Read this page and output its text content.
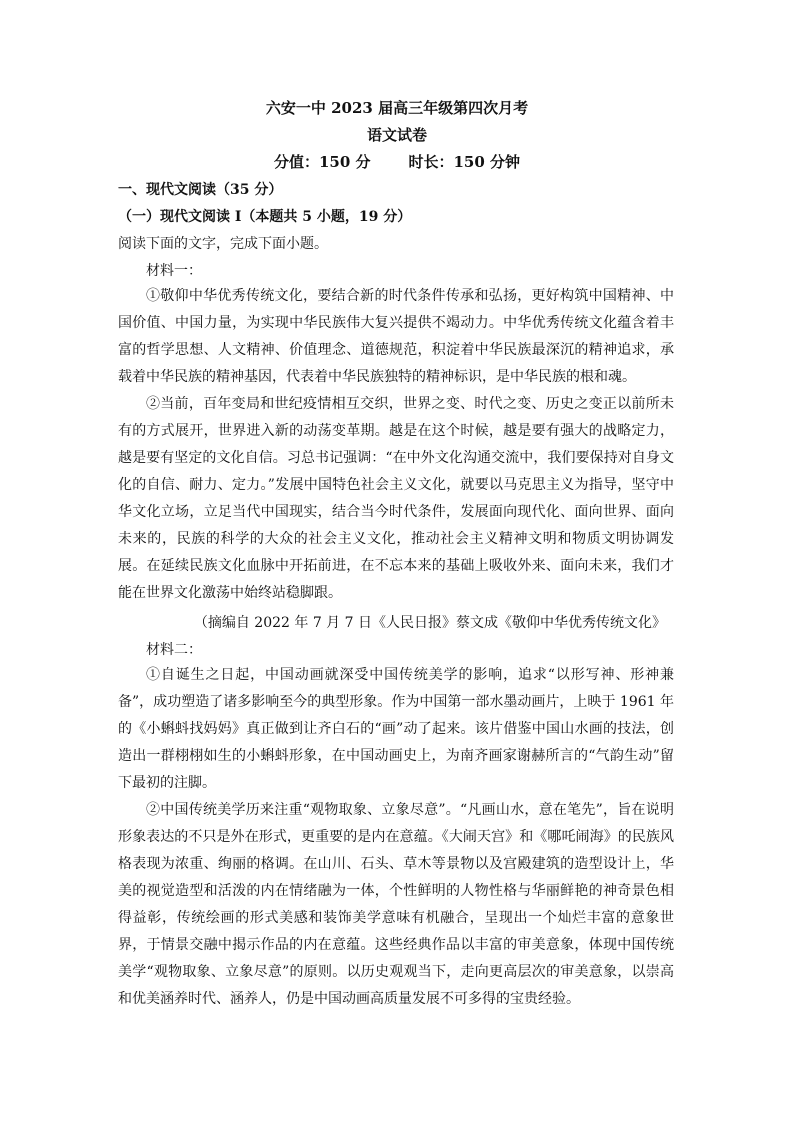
六安一中 2023 届高三年级第四次月考
语文试卷
分值：150 分	时长：150 分钟
一、现代文阅读（35 分）
（一）现代文阅读 Ⅰ（本题共 5 小题，19 分）
阅读下面的文字，完成下面小题。
材料一：

①敬仰中华优秀传统文化，要结合新的时代条件传承和弘扬，更好构筑中国精神、中国价值、中国力量，为实现中华民族伟大复兴提供不竭动力。中华优秀传统文化蕴含着丰富的哲学思想、人文精神、价值理念、道德规范，积淀着中华民族最深沉的精神追求，承载着中华民族的精神基因，代表着中华民族独特的精神标识，是中华民族的根和魂。

②当前，百年变局和世纪疫情相互交织，世界之变、时代之变、历史之变正以前所未有的方式展开，世界进入新的动荡变革期。越是在这个时候，越是要有强大的战略定力，越是要有坚定的文化自信。习总书记强调：“在中外文化沟通交流中，我们要保持对自身文化的自信、耐力、定力。”发展中国特色社会主义文化，就要以马克思主义为指导，坚守中华文化立场，立足当代中国现实，结合当今时代条件，发展面向现代化、面向世界、面向未来的，民族的科学的大众的社会主义文化，推动社会主义精神文明和物质文明协调发展。在延续民族文化血脉中开拓前进，在不忘本来的基础上吸收外来、面向未来，我们才能在世界文化激荡中始终站稳脚跟。

（摘编自 2022 年 7 月 7 日《人民日报》蔡文成《敬仰中华优秀传统文化》
材料二：

①自诞生之日起，中国动画就深受中国传统美学的影响，追求“以形写神、形神兼备”，成功塑造了诸多影响至今的典型形象。作为中国第一部水墨动画片，上映于 1961 年的《小蝌蚪找妈妈》真正做到让齐白石的“画”动了起来。该片借鉴中国山水画的技法，创造出一群栩栩如生的小蝌蚪形象，在中国动画史上，为南齐画家谢赫所言的“气韵生动”留下最初的注脚。

②中国传统美学历来注重“观物取象、立象尽意”。“凡画山水，意在笔先”，旨在说明形象表达的不只是外在形式，更重要的是内在意蕴。《大闹天宫》和《哪吒闹海》的民族风格表现为浓重、绚丽的格调。在山川、石头、草木等景物以及宫殿建筑的造型设计上，华美的视觉造型和活泼的内在情绪融为一体，个性鲜明的人物性格与华丽鲜艳的神奇景色相得益彰，传统绘画的形式美感和装饰美学意味有机融合，呈现出一个灿烂丰富的意象世界，于情景交融中揭示作品的内在意蕴。这些经典作品以丰富的审美意象，体现中国传统美学“观物取象、立象尽意”的原则。以历史观观当下，走向更高层次的审美意象，以崇高和优美涵养时代、涵养人，仍是中国动画高质量发展不可多得的宝贵经验。
